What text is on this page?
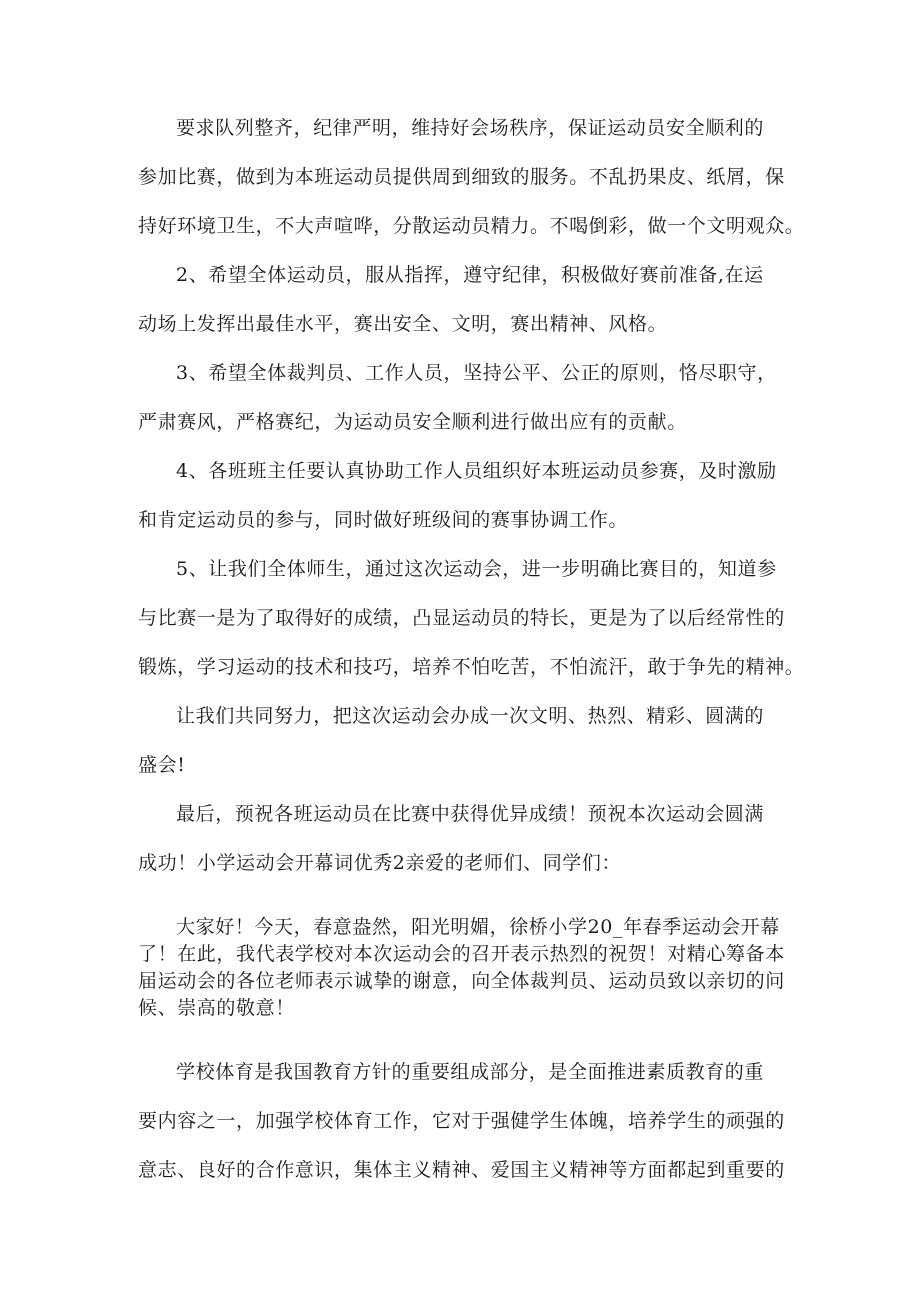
要求队列整齐，纪律严明，维持好会场秩序，保证运动员安全顺利的
参加比赛，做到为本班运动员提供周到细致的服务。不乱扔果皮、纸屑，保
持好环境卫生，不大声喧哗，分散运动员精力。不喝倒彩，做一个文明观众。

2、希望全体运动员，服从指挥，遵守纪律，积极做好赛前准备,在运
动场上发挥出最佳水平，赛出安全、文明，赛出精神、风格。

3、希望全体裁判员、工作人员，坚持公平、公正的原则，恪尽职守，
严肃赛风，严格赛纪，为运动员安全顺利进行做出应有的贡献。

4、各班班主任要认真协助工作人员组织好本班运动员参赛，及时激励
和肯定运动员的参与，同时做好班级间的赛事协调工作。

5、让我们全体师生，通过这次运动会，进一步明确比赛目的，知道参
与比赛一是为了取得好的成绩，凸显运动员的特长，更是为了以后经常性的
锻炼，学习运动的技术和技巧，培养不怕吃苦，不怕流汗，敢于争先的精神。

让我们共同努力，把这次运动会办成一次文明、热烈、精彩、圆满的
盛会!

最后，预祝各班运动员在比赛中获得优异成绩！预祝本次运动会圆满
成功！小学运动会开幕词优秀2亲爱的老师们、同学们：

大家好！今天，春意盎然，阳光明媚，徐桥小学20_年春季运动会开幕
了！在此，我代表学校对本次运动会的召开表示热烈的祝贺！对精心筹备本
届运动会的各位老师表示诚挚的谢意，向全体裁判员、运动员致以亲切的问
候、崇高的敬意！

学校体育是我国教育方针的重要组成部分，是全面推进素质教育的重
要内容之一，加强学校体育工作，它对于强健学生体魄，培养学生的顽强的
意志、良好的合作意识，集体主义精神、爱国主义精神等方面都起到重要的
